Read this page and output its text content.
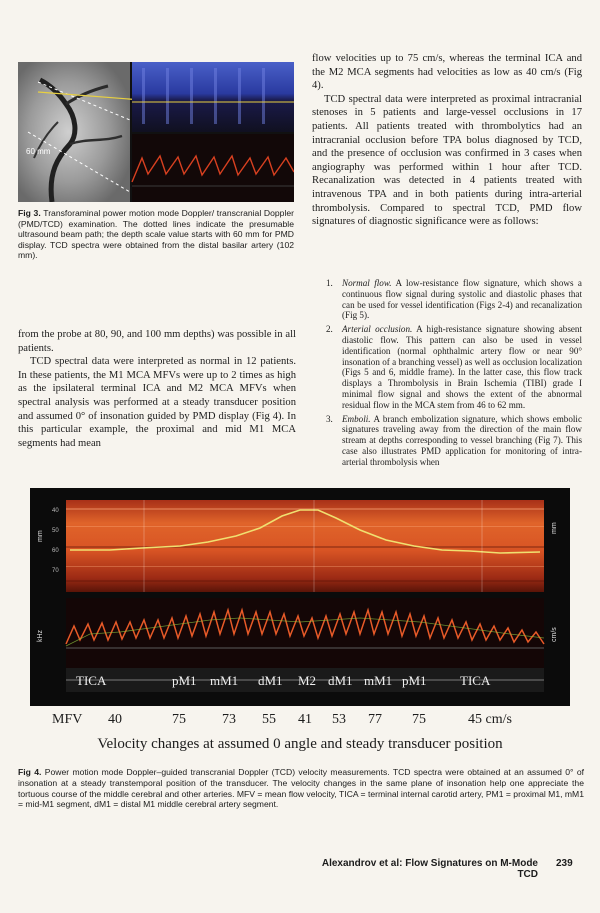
60 mm

Fig 3. Transforaminal power motion mode Doppler/ transcranial Doppler (PMD/TCD) examination. The dotted lines indicate the presumable ultrasound beam path; the depth scale value starts with 60 mm for PMD display. TCD spectra were obtained from the distal basilar artery (102 mm).

from the probe at 80, 90, and 100 mm depths) was possible in all patients.

TCD spectral data were interpreted as normal in 12 patients. In these patients, the M1 MCA MFVs were up to 2 times as high as the ipsilateral terminal ICA and M2 MCA MFVs when spectral analysis was performed at a steady transducer position and assumed 0° of insonation guided by PMD display (Fig 4). In this particular example, the proximal and mid M1 MCA segments had mean

flow velocities up to 75 cm/s, whereas the terminal ICA and the M2 MCA segments had velocities as low as 40 cm/s (Fig 4).

TCD spectral data were interpreted as proximal intracranial stenoses in 5 patients and large-vessel occlusions in 17 patients. All patients treated with thrombolytics had an intracranial occlusion before TPA bolus diagnosed by TCD, and the presence of occlusion was confirmed in 3 cases when angiography was performed within 1 hour after TCD. Recanalization was detected in 4 patients treated with intravenous TPA and in both patients during intra-arterial thrombolysis. Compared to spectral TCD, PMD flow signatures of diagnostic significance were as follows:

1. Normal flow. A low-resistance flow signature, which shows a continuous flow signal during systolic and diastolic phases that can be used for vessel identification (Figs 2-4) and recanalization (Fig 5).
2. Arterial occlusion. A high-resistance signature showing absent diastolic flow. This pattern can also be used in vessel identification (normal ophthalmic artery flow or near 90° insonation of a branching vessel) as well as occlusion localization (Figs 5 and 6, middle frame). In the latter case, this flow track displays a Thrombolysis in Brain Ischemia (TIBI) grade I minimal flow signal and shows the extent of the abnormal residual flow in the MCA stem from 46 to 62 mm.
3. Emboli. A branch embolization signature, which shows embolic signatures traveling away from the direction of the main flow stream at depths corresponding to vessel branching (Fig 7). This case also illustrates PMD application for monitoring of intra-arterial thrombolysis when
mm
mm
40
50
60
70
kHz	cm/s
TICA	pM1 mM1 dM1 M2 dM1 mM1 pM1	TICA
MFV 40	75	73 55 41 53 77 75	45 cm/s

Velocity changes at assumed 0 angle and steady transducer position

Fig 4. Power motion mode Doppler–guided transcranial Doppler (TCD) velocity measurements. TCD spectra were obtained at an assumed 0° of insonation at a steady transtemporal position of the transducer. The velocity changes in the same plane of insonation help one appreciate the tortuous course of the middle cerebral and other arteries. MFV = mean flow velocity, TICA = terminal internal carotid artery, PM1 = proximal M1, mM1 = mid-M1 segment, dM1 = distal M1 middle cerebral artery segment.

Alexandrov et al: Flow Signatures on M-Mode TCD
239
